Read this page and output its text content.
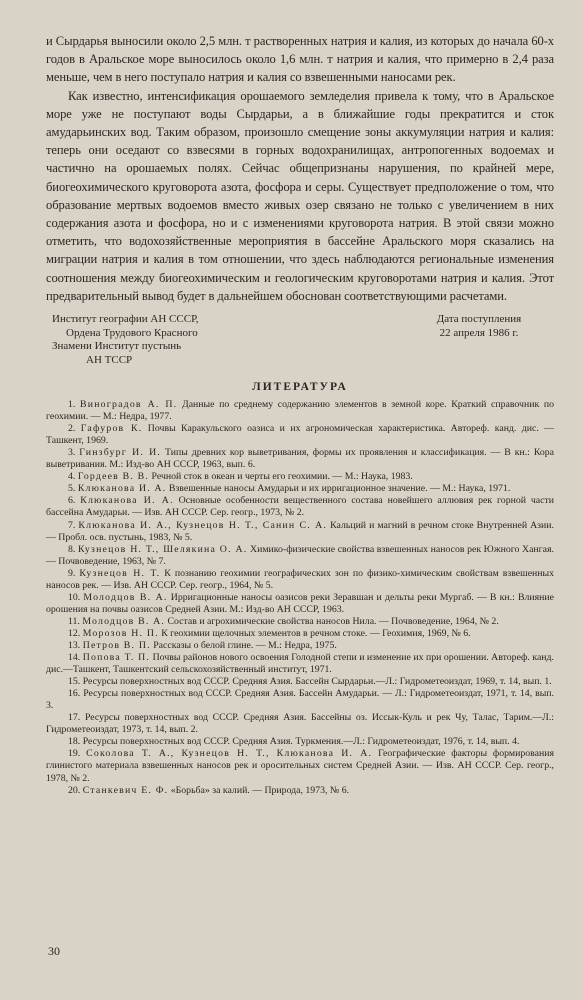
и Сырдарья выносили около 2,5 млн. т растворенных натрия и калия, из которых до начала 60-х годов в Аральское море выносилось около 1,6 млн. т натрия и калия, что примерно в 2,4 раза меньше, чем в него поступало натрия и калия со взвешенными наносами рек.

Как известно, интенсификация орошаемого земледелия привела к тому, что в Аральское море уже не поступают воды Сырдарьи, а в ближайшие годы прекратится и сток амударьинских вод. Таким образом, произошло смещение зоны аккумуляции натрия и калия: теперь они оседают со взвесями в горных водохранилищах, антропогенных водоемах и частично на орошаемых полях. Сейчас общепризнаны нарушения, по крайней мере, биогеохимического круговорота азота, фосфора и серы. Существует предположение о том, что образование мертвых водоемов вместо живых озер связано не только с увеличением в них содержания азота и фосфора, но и с изменениями круговорота натрия. В этой связи можно отметить, что водохозяйственные мероприятия в бассейне Аральского моря сказались на миграции натрия и калия в том отношении, что здесь наблюдаются региональные изменения соотношения между биогеохимическим и геологическим круговоротами натрия и калия. Этот предварительный вывод будет в дальнейшем обоснован соответствующими расчетами.

Институт географии АН СССР,
Ордена Трудового Красного
Знамени Институт пустынь
АН ТССР
Дата поступления
22 апреля 1986 г.
ЛИТЕРАТУРА
1. Виноградов А. П. Данные по среднему содержанию элементов в земной коре. Краткий справочник по геохимии. — М.: Недра, 1977.
2. Гафуров К. Почвы Каракульского оазиса и их агрономическая характеристика. Автореф. канд. дис. — Ташкент, 1969.
3. Гинзбург И. И. Типы древних кор выветривания, формы их проявления и классификация. — В кн.: Кора выветривания. М.: Изд-во АН СССР, 1963, вып. 6.
4. Гордеев В. В. Речной сток в океан и черты его геохимии. — М.: Наука, 1983.
5. Клюканова И. А. Взвешенные наносы Амударьи и их ирригационное значение. — М.: Наука, 1971.
6. Клюканова И. А. Основные особенности вещественного состава новейшего аллювия рек горной части бассейна Амударьи. — Изв. АН СССР. Сер. геогр., 1973, № 2.
7. Клюканова И. А., Кузнецов Н. Т., Санин С. А. Кальций и магний в речном стоке Внутренней Азии. — Пробл. осв. пустынь, 1983, № 5.
8. Кузнецов Н. Т., Шелякина О. А. Химико-физические свойства взвешенных наносов рек Южного Хангая. — Почвоведение, 1963, № 7.
9. Кузнецов Н. Т. К познанию геохимии географических зон по физико-химическим свойствам взвешенных наносов рек. — Изв. АН СССР. Сер. геогр., 1964, № 5.
10. Молодцов В. А. Ирригационные наносы оазисов реки Зеравшан и дельты реки Мургаб. — В кн.: Влияние орошения на почвы оазисов Средней Азии. М.: Изд-во АН СССР, 1963.
11. Молодцов В. А. Состав и агрохимические свойства наносов Нила. — Почвоведение, 1964, № 2.
12. Морозов Н. П. К геохимии щелочных элементов в речном стоке. — Геохимия, 1969, № 6.
13. Петров В. П. Рассказы о белой глине. — М.: Недра, 1975.
14. Попова Т. П. Почвы районов нового освоения Голодной степи и изменение их при орошении. Автореф. канд. дис.—Ташкент, Ташкентский сельскохозяйственный институт, 1971.
15. Ресурсы поверхностных вод СССР. Средняя Азия. Бассейн Сырдарьи.—Л.: Гидрометеоиздат, 1969, т. 14, вып. 1.
16. Ресурсы поверхностных вод СССР. Средняя Азия. Бассейн Амударьи. — Л.: Гидрометеоиздат, 1971, т. 14, вып. 3.
17. Ресурсы поверхностных вод СССР. Средняя Азия. Бассейны оз. Иссык-Куль и рек Чу, Талас, Тарим.—Л.: Гидрометеоиздат, 1973, т. 14, вып. 2.
18. Ресурсы поверхностных вод СССР. Средняя Азия. Туркмения.—Л.: Гидрометеоиздат, 1976, т. 14, вып. 4.
19. Соколова Т. А., Кузнецов Н. Т., Клюканова И. А. Географические факторы формирования глинистого материала взвешенных наносов рек и оросительных систем Средней Азии. — Изв. АН СССР. Сер. геогр., 1978, № 2.
20. Станкевич Е. Ф. «Борьба» за калий. — Природа, 1973, № 6.
30
